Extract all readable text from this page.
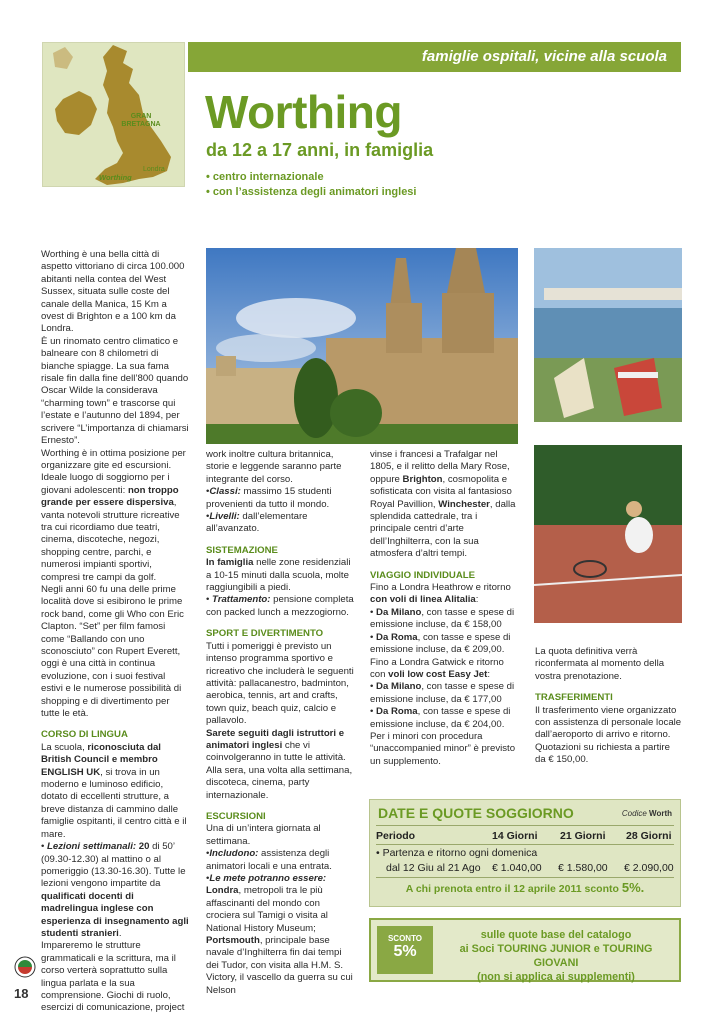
GRAN BRETAGNA
Londra
Worthing
famiglie ospitali, vicine alla scuola
Worthing
da 12 a 17 anni, in famiglia
• centro internazionale
• con l’assistenza degli animatori inglesi

Worthing è una bella città di aspetto vittoriano di circa 100.000 abitanti nella contea del West Sussex, situata sulle coste del canale della Manica, 15 Km a ovest di Brighton e a 100 km da Londra.

È un rinomato centro climatico e balneare con 8 chilometri di bianche spiagge. La sua fama risale fin dalla fine dell’800 quando Oscar Wilde la considerava “charming town” e trascorse qui l’estate e l’autunno del 1894, per scrivere “L’importanza di chiamarsi Ernesto”.

Worthing è in ottima posizione per organizzare gite ed escursioni. Ideale luogo di soggiorno per i giovani adolescenti: non troppo grande per essere dispersiva, vanta notevoli strutture ricreative tra cui ricordiamo due teatri, cinema, discoteche, negozi, shopping centre, parchi, e numerosi impianti sportivi, compresi tre campi da golf.

Negli anni 60 fu una delle prime località dove si esibirono le prime rock band, come gli Who con Eric Clapton. “Set” per film famosi come “Ballando con uno sconosciuto” con Rupert Everett, oggi è una città in continua evoluzione, con i suoi festival estivi e le numerose possibilità di shopping e di divertimento per tutte le età.

CORSO DI LINGUA

La scuola, riconosciuta dal British Council e membro ENGLISH UK, si trova in un moderno e luminoso edificio, dotato di eccellenti strutture, a breve distanza di cammino dalle famiglie ospitanti, il centro città e il mare.

• Lezioni settimanali: 20 di 50’ (09.30-12.30) al mattino o al pomeriggio (13.30-16.30). Tutte le lezioni vengono impartite da qualificati docenti di madrelingua inglese con esperienza di insegnamento agli studenti stranieri.

Impareremo le strutture grammaticali e la scrittura, ma il corso verterà soprattutto sulla lingua parlata e la sua comprensione. Giochi di ruolo, esercizi di comunicazione, project

work inoltre cultura britannica, storie e leggende saranno parte integrante del corso.

•Classi: massimo 15 studenti provenienti da tutto il mondo.

•Livelli: dall’elementare all’avanzato.

SISTEMAZIONE

In famiglia nelle zone residenziali a 10-15 minuti dalla scuola, molte raggiungibili a piedi.

• Trattamento: pensione completa con packed lunch a mezzogiorno.

SPORT E DIVERTIMENTO

Tutti i pomeriggi è previsto un intenso programma sportivo e ricreativo che includerà le seguenti attività: pallacanestro, badminton, aerobica, tennis, art and crafts, town quiz, beach quiz, calcio e pallavolo.

Sarete seguiti dagli istruttori e animatori inglesi che vi coinvolgeranno in tutte le attività. Alla sera, una volta alla settimana, discoteca, cinema, party internazionale.

ESCURSIONI

Una di un’intera giornata al settimana.

•Includono: assistenza degli animatori locali e una entrata.

•Le mete potranno essere: Londra, metropoli tra le più affascinanti del mondo con crociera sul Tamigi o visita al National History Museum; Portsmouth, principale base navale d’Inghilterra fin dai tempi dei Tudor, con visita alla H.M. S. Victory, il vascello da guerra su cui Nelson

vinse i francesi a Trafalgar nel 1805, e il relitto della Mary Rose, oppure Brighton, cosmopolita e sofisticata con visita al fantasioso Royal Pavillion, Winchester, dalla splendida cattedrale, tra i principale centri d’arte dell’Inghilterra, con la sua atmosfera d’altri tempi.

VIAGGIO INDIVIDUALE

Fino a Londra Heathrow e ritorno con voli di linea Alitalia:

• Da Milano, con tasse e spese di emissione incluse, da € 158,00

• Da Roma, con tasse e spese di emissione incluse, da € 209,00.

Fino a Londra Gatwick e ritorno con voli low cost Easy Jet:

• Da Milano, con tasse e spese di emissione incluse, da € 177,00

• Da Roma, con tasse e spese di emissione incluse, da € 204,00.

Per i minori con procedura “unaccompanied minor” è previsto un supplemento.

La quota definitiva verrà riconfermata al momento della vostra prenotazione.

TRASFERIMENTI

Il trasferimento viene organizzato con assistenza di personale locale dall’aeroporto di arrivo e ritorno. Quotazioni su richiesta a partire da € 150,00.

DATE E QUOTE SOGGIORNO	Codice Worth
Periodo	14 Giorni 21 Giorni 28 Giorni
• Partenza e ritorno ogni domenica
dal 12 Giu al 21 Ago € 1.040,00 € 1.580,00 € 2.090,00
A chi prenota entro il 12 aprile 2011 sconto 5%.
SCONTO
5%
sulle quote base del catalogo
ai Soci TOURING JUNIOR e TOURING GIOVANI
(non si applica ai supplementi)
18
